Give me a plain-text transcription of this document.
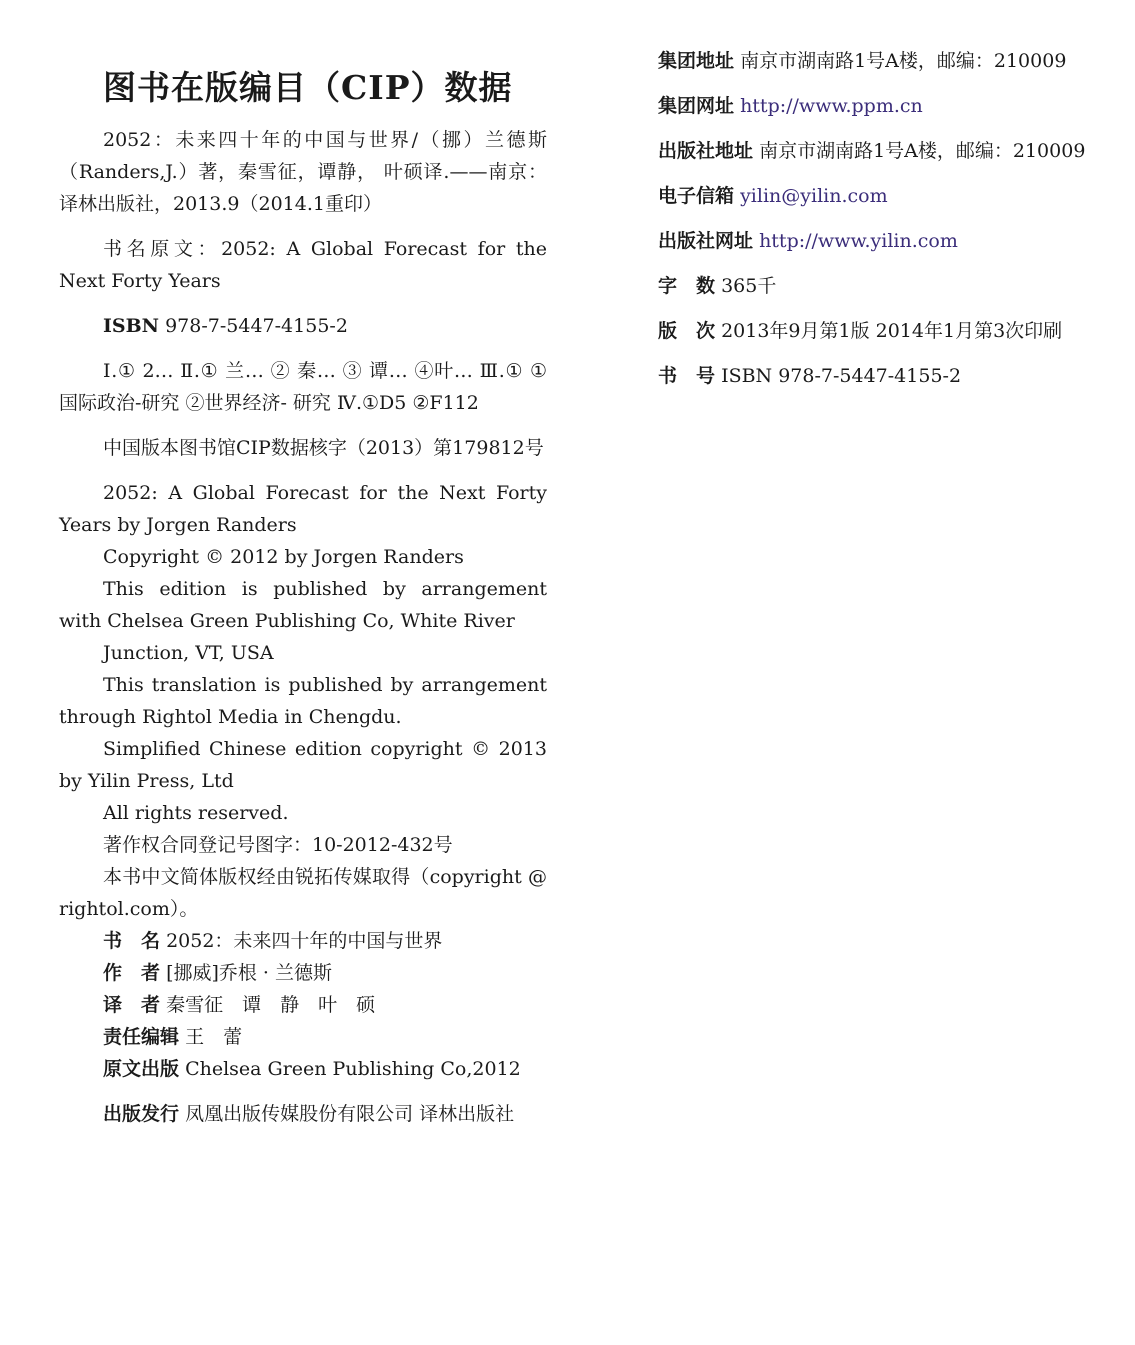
图书在版编目（CIP）数据

2052：未来四十年的中国与世界/（挪）兰德斯（Randers,J.）著，秦雪征，谭静， 叶硕译.——南京：译林出版社，2013.9（2014.1重印）

书名原文：2052: A Global Forecast for the Next Forty Years

ISBN 978-7-5447-4155-2

Ⅰ.① 2… Ⅱ.① 兰… ② 秦… ③ 谭… ④叶… Ⅲ.① ①国际政治-研究 ②世界经济- 研究 Ⅳ.①D5 ②F112

中国版本图书馆CIP数据核字（2013）第179812号

2052: A Global Forecast for the Next Forty Years by Jorgen Randers

Copyright © 2012 by Jorgen Randers

This edition is published by arrangement with Chelsea Green Publishing Co, White River

Junction, VT, USA

This translation is published by arrangement through Rightol Media in Chengdu.

Simplified Chinese edition copyright © 2013 by Yilin Press, Ltd

All rights reserved.

著作权合同登记号图字：10-2012-432号

本书中文简体版权经由锐拓传媒取得（copyright @ rightol.com）。

书　名 2052：未来四十年的中国与世界
作　者 [挪威]乔根 · 兰德斯
译　者 秦雪征　谭　静　叶　硕
责任编辑 王　蕾
原文出版 Chelsea Green Publishing Co,2012

出版发行 凤凰出版传媒股份有限公司 译林出版社

集团地址 南京市湖南路1号A楼，邮编：210009
集团网址 http://www.ppm.cn

出版社地址 南京市湖南路1号A楼，邮编：210009

电子信箱 yilin@yilin.com
出版社网址 http://www.yilin.com
字　数 365千
版　次 2013年9月第1版 2014年1月第3次印刷
书　号 ISBN 978-7-5447-4155-2
